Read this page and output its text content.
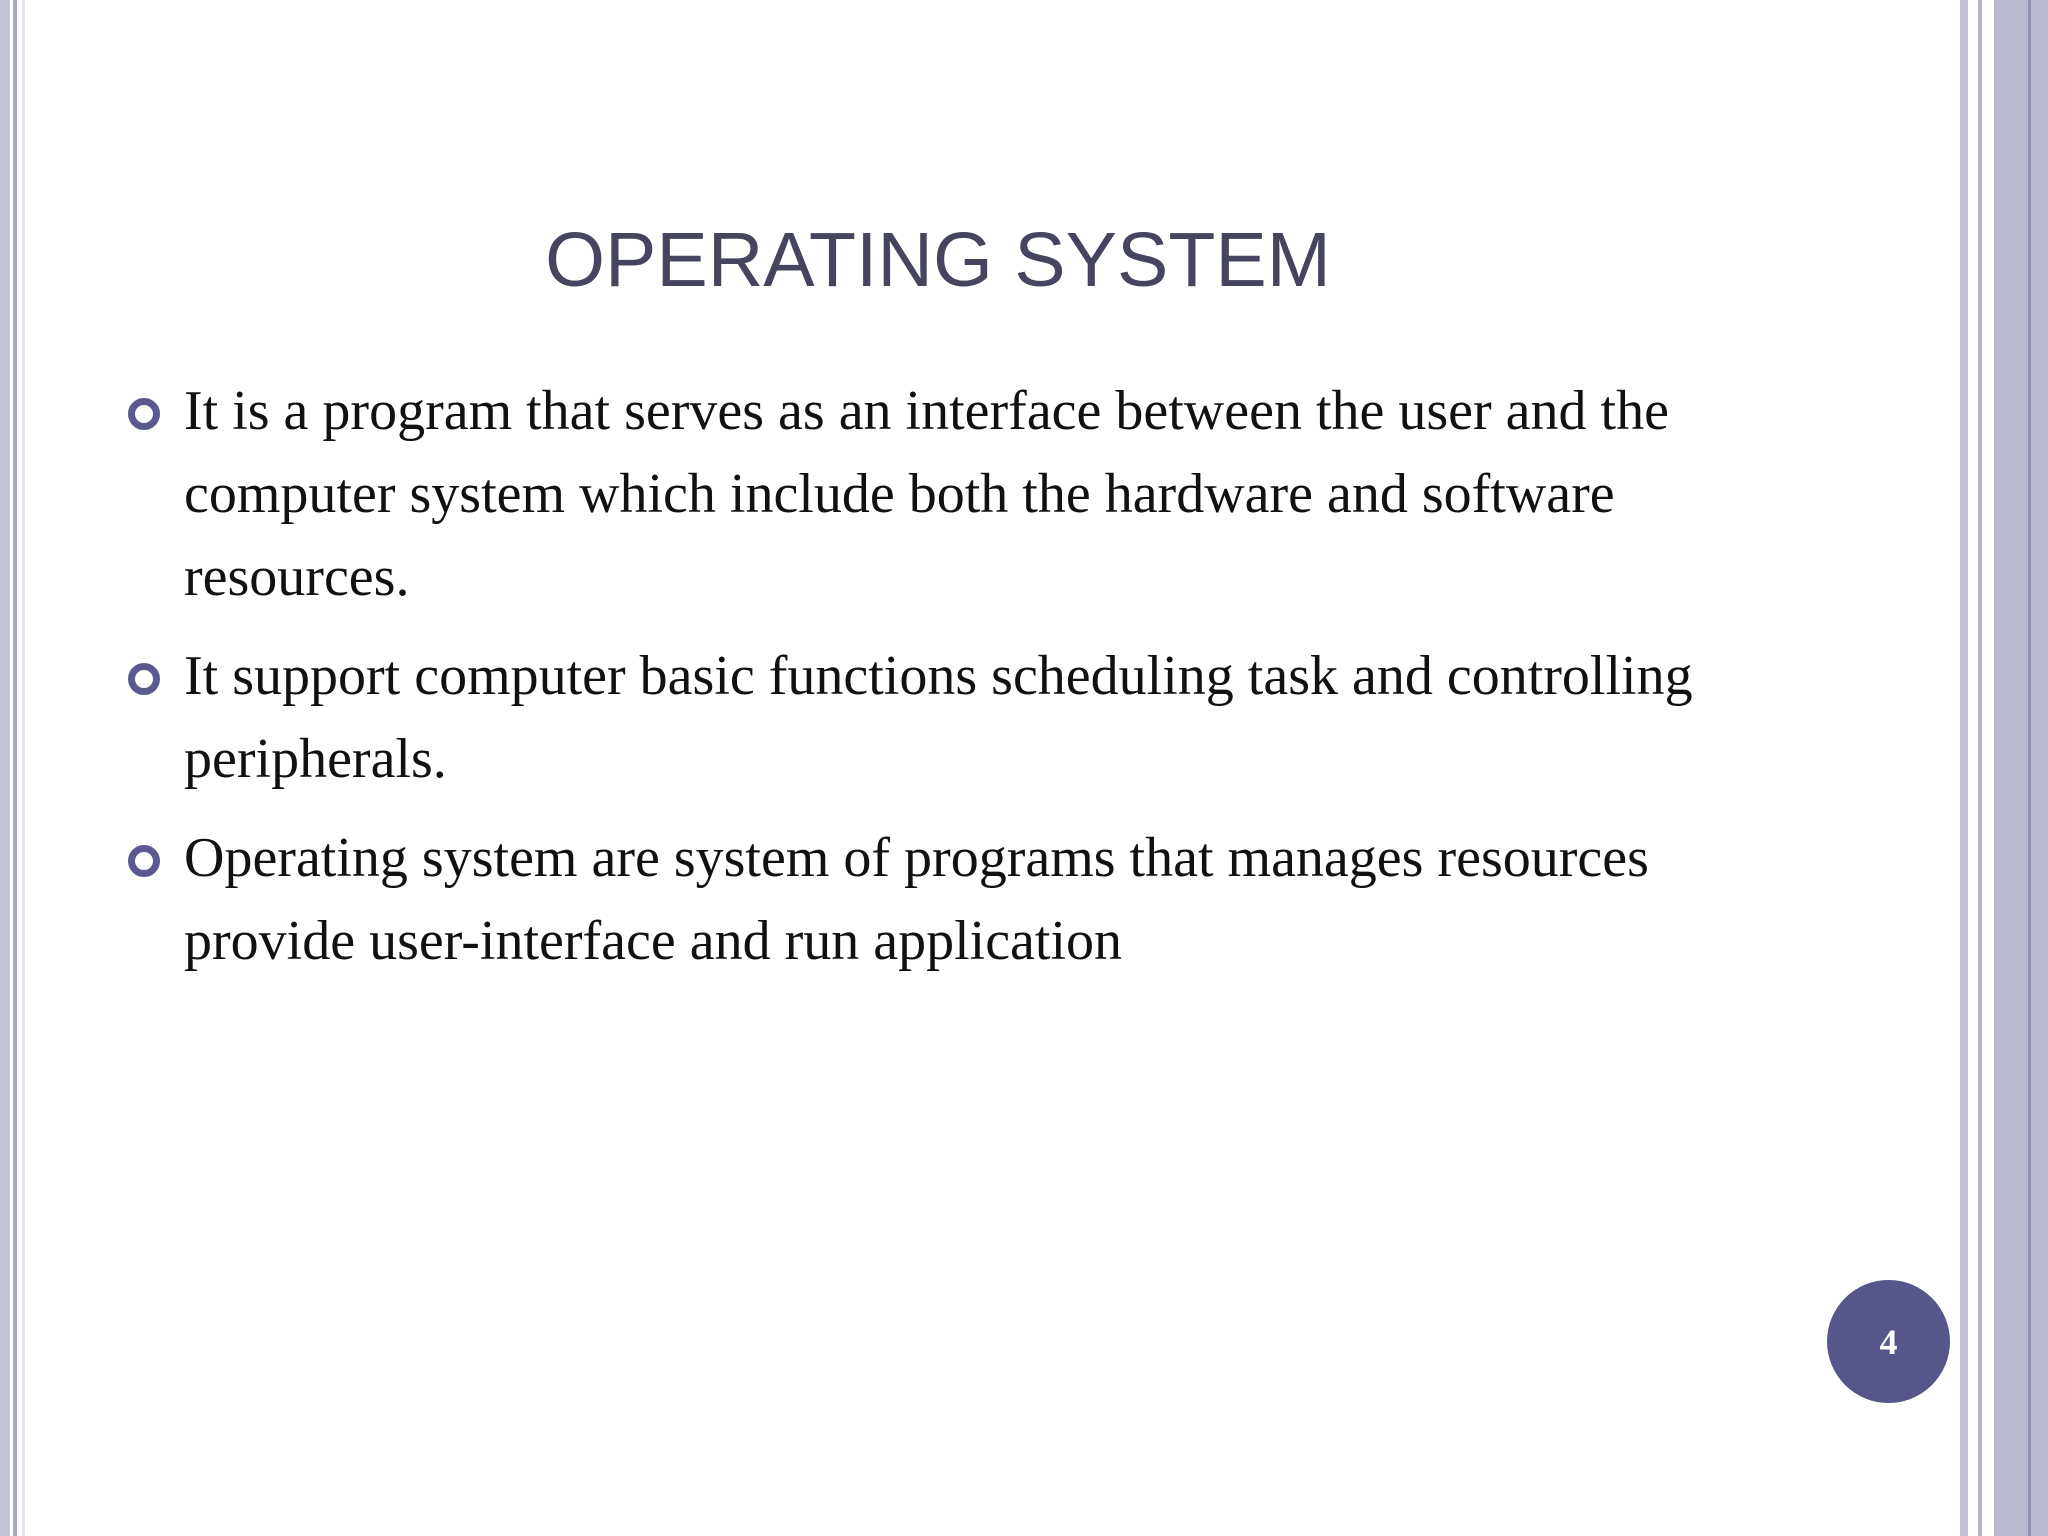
OPERATING SYSTEM
It is a program that serves as an interface between the user and the computer system which include both the hardware and software resources.
It support computer basic functions scheduling task and controlling peripherals.
Operating system are system of programs that manages resources provide user-interface and run application
4
